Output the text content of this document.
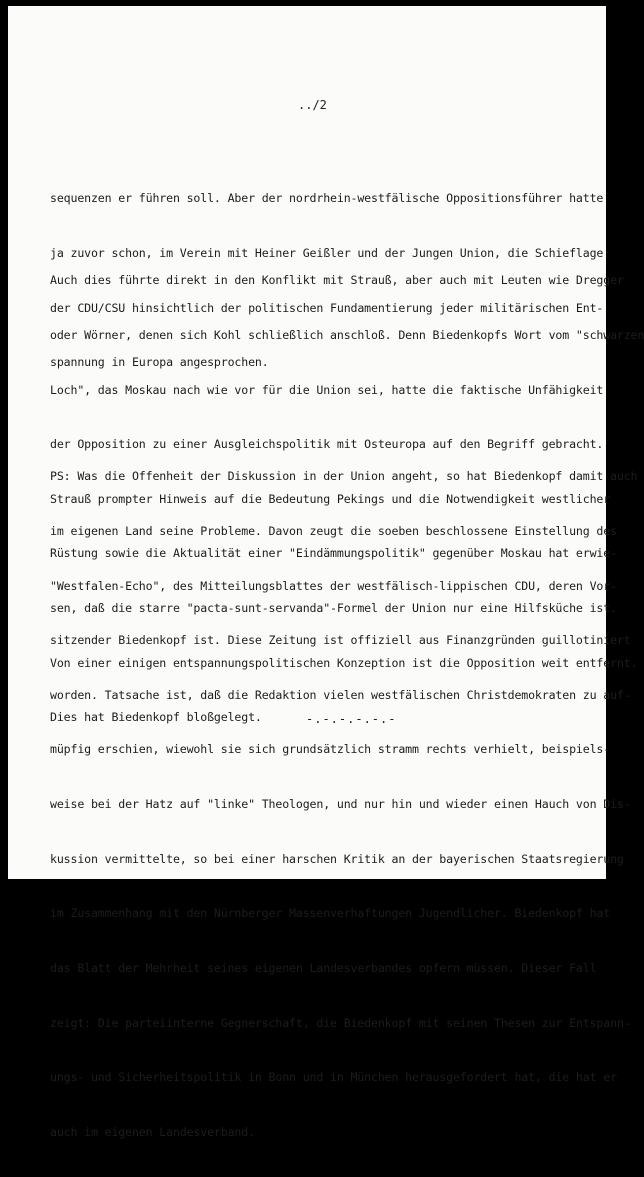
../2

sequenzen er führen soll. Aber der nordrhein-westfälische Oppositionsführer hatte

ja zuvor schon, im Verein mit Heiner Geißler und der Jungen Union, die Schieflage

der CDU/CSU hinsichtlich der politischen Fundamentierung jeder militärischen Ent-

spannung in Europa angesprochen.

Auch dies führte direkt in den Konflikt mit Strauß, aber auch mit Leuten wie Dregger

oder Wörner, denen sich Kohl schließlich anschloß. Denn Biedenkopfs Wort vom "schwarzen

Loch", das Moskau nach wie vor für die Union sei, hatte die faktische Unfähigkeit

der Opposition zu einer Ausgleichspolitik mit Osteuropa auf den Begriff gebracht.

Strauß prompter Hinweis auf die Bedeutung Pekings und die Notwendigkeit westlicher

Rüstung sowie die Aktualität einer "Eindämmungspolitik" gegenüber Moskau hat erwie-

sen, daß die starre "pacta-sunt-servanda"-Formel der Union nur eine Hilfsküche ist.

Von einer einigen entspannungspolitischen Konzeption ist die Opposition weit entfernt.

Dies hat Biedenkopf bloßgelegt.

PS: Was die Offenheit der Diskussion in der Union angeht, so hat Biedenkopf damit auch

im eigenen Land seine Probleme. Davon zeugt die soeben beschlossene Einstellung des

"Westfalen-Echo", des Mitteilungsblattes der westfälisch-lippischen CDU, deren Vor-

sitzender Biedenkopf ist. Diese Zeitung ist offiziell aus Finanzgründen guillotiniert

worden. Tatsache ist, daß die Redaktion vielen westfälischen Christdemokraten zu auf-

müpfig erschien, wiewohl sie sich grundsätzlich stramm rechts verhielt, beispiels-

weise bei der Hatz auf "linke" Theologen, und nur hin und wieder einen Hauch von Dis-

kussion vermittelte, so bei einer harschen Kritik an der bayerischen Staatsregierung

im Zusammenhang mit den Nürnberger Massenverhaftungen Jugendlicher. Biedenkopf hat

das Blatt der Mehrheit seines eigenen Landesverbandes opfern müssen. Dieser Fall

zeigt: Die parteiinterne Gegnerschaft, die Biedenkopf mit seinen Thesen zur Entspann-

ungs- und Sicherheitspolitik in Bonn und in München herausgefordert hat, die hat er

auch im eigenen Landesverband.

-.-.-.-.-.-
